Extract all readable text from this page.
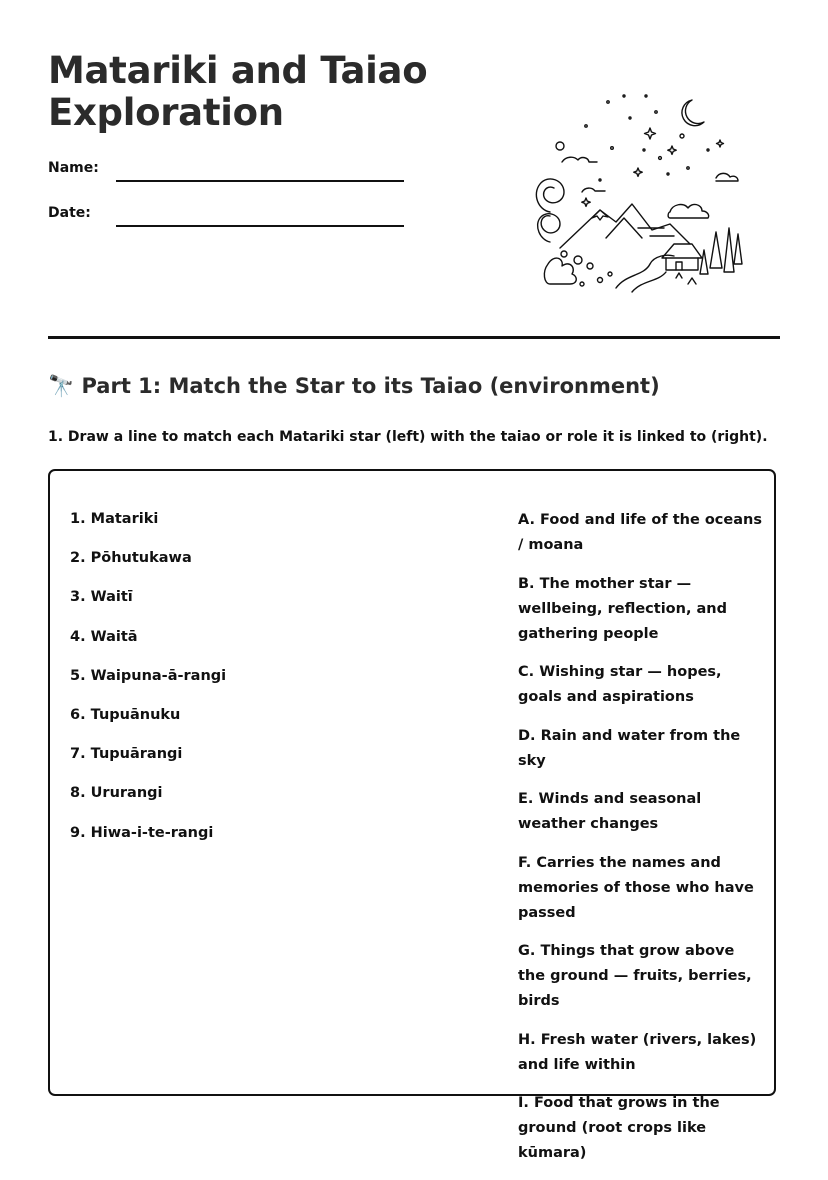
Matariki and Taiao Exploration
Name:
Date:
🔭 Part 1: Match the Star to its Taiao (environment)

1. Draw a line to match each Matariki star (left) with the taiao or role it is linked to (right).

1. Matariki
2. Pōhutukawa
3. Waitī
4. Waitā
5. Waipuna-ā-rangi
6. Tupuānuku
7. Tupuārangi
8. Ururangi
9. Hiwa-i-te-rangi
A. Food and life of the oceans / moana
B. The mother star — wellbeing, reflection, and gathering people
C. Wishing star — hopes, goals and aspirations
D. Rain and water from the sky
E. Winds and seasonal weather changes
F. Carries the names and memories of those who have passed
G. Things that grow above the ground — fruits, berries, birds
H. Fresh water (rivers, lakes) and life within
I. Food that grows in the ground (root crops like kūmara)
